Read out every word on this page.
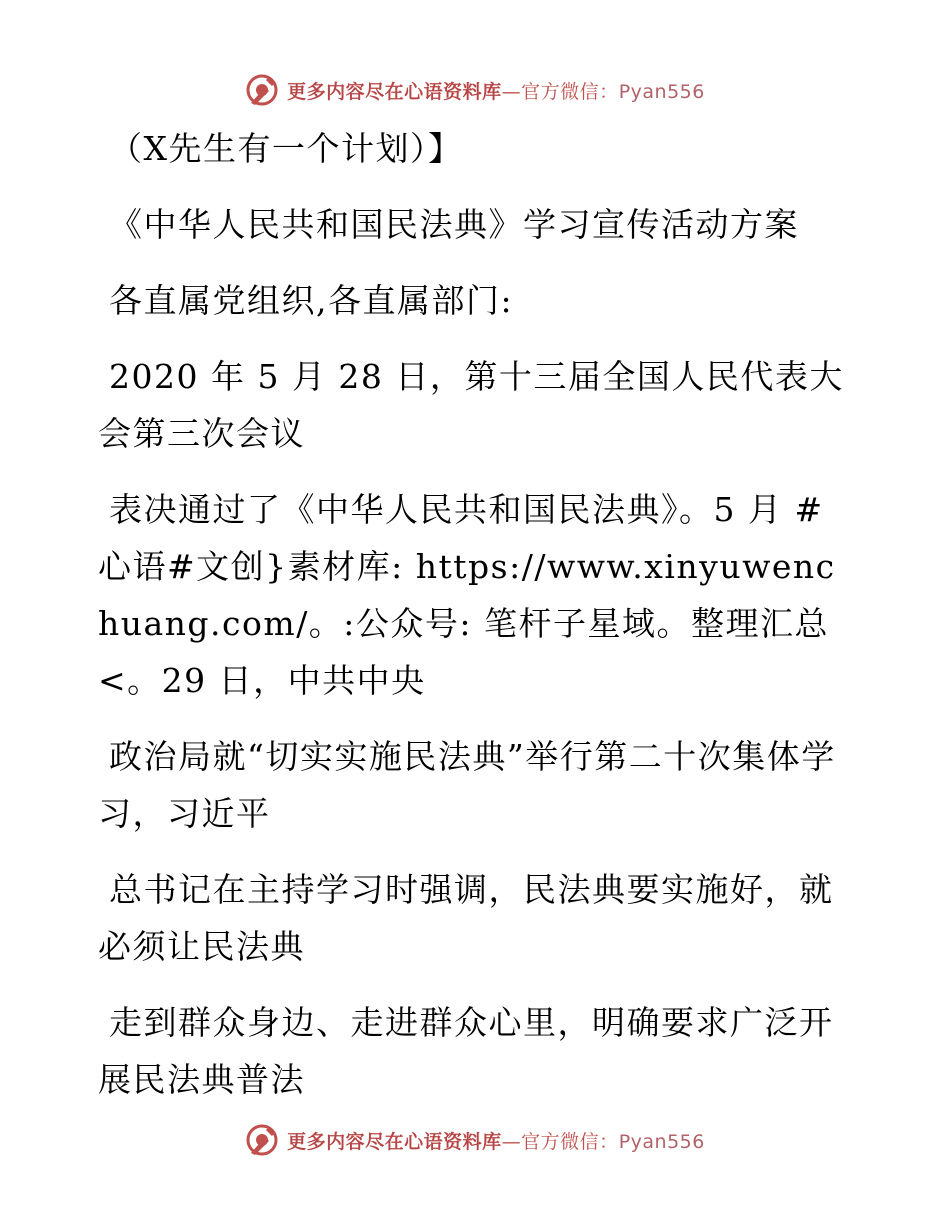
更多内容尽在心语资料库—官方微信：Pyan556

（X先生有一个计划）】

《中华人民共和国民法典》学习宣传活动方案

各直属党组织,各直属部门:

2020 年 5 月 28 日，第十三届全国人民代表大会第三次会议

表决通过了《中华人民共和国民法典》。5 月 #心语#文创}素材库: https://www.xinyuwenchuang.com/。:公众号: 笔杆子星域。整理汇总<。29 日，中共中央

政治局就“切实实施民法典”举行第二十次集体学习，习近平

总书记在主持学习时强调，民法典要实施好，就必须让民法典

走到群众身边、走进群众心里，明确要求广泛开展民法典普法

更多内容尽在心语资料库—官方微信：Pyan556
